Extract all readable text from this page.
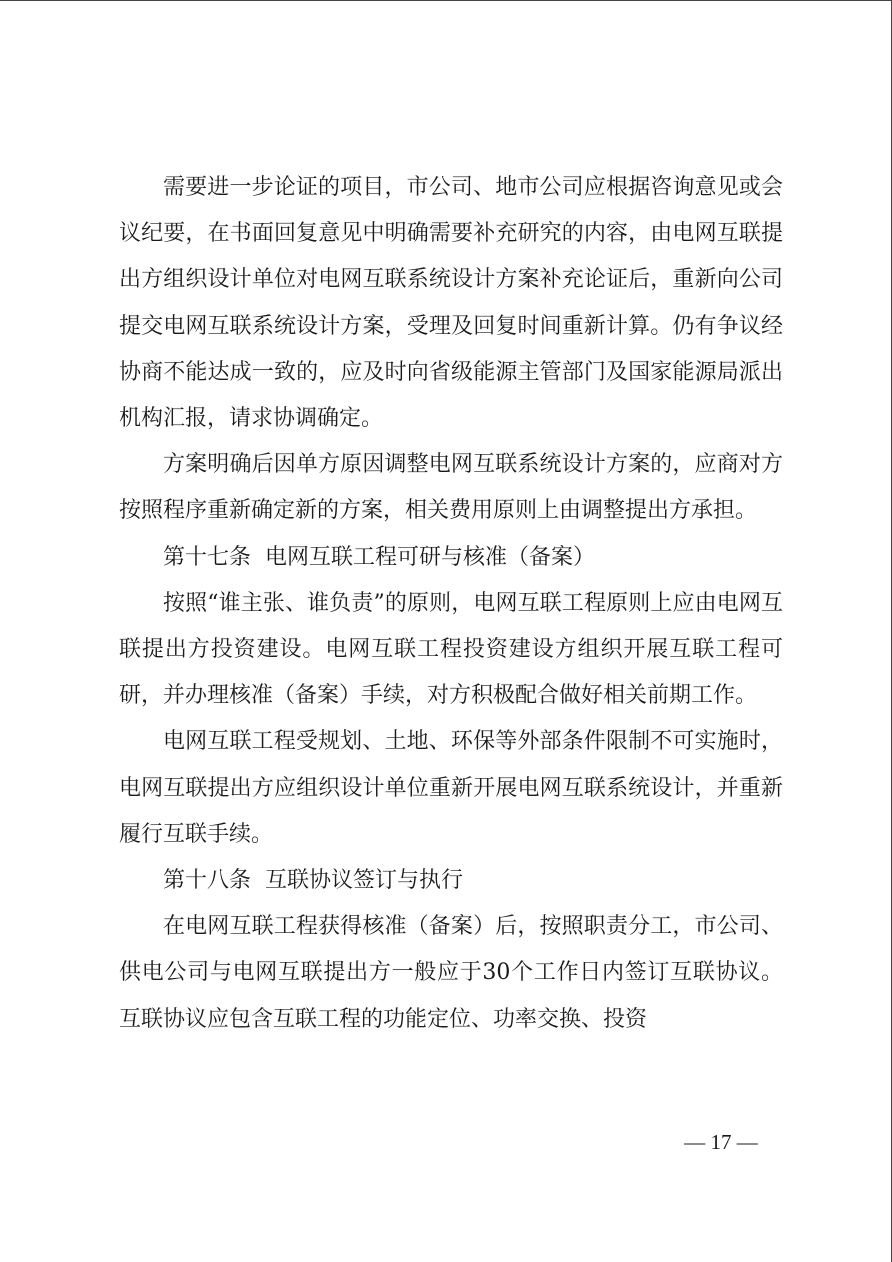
需要进一步论证的项目，市公司、地市公司应根据咨询意见或会议纪要，在书面回复意见中明确需要补充研究的内容，由电网互联提出方组织设计单位对电网互联系统设计方案补充论证后，重新向公司提交电网互联系统设计方案，受理及回复时间重新计算。仍有争议经协商不能达成一致的，应及时向省级能源主管部门及国家能源局派出机构汇报，请求协调确定。

方案明确后因单方原因调整电网互联系统设计方案的，应商对方按照程序重新确定新的方案，相关费用原则上由调整提出方承担。

第十七条  电网互联工程可研与核准（备案）

按照“谁主张、谁负责”的原则，电网互联工程原则上应由电网互联提出方投资建设。电网互联工程投资建设方组织开展互联工程可研，并办理核准（备案）手续，对方积极配合做好相关前期工作。

电网互联工程受规划、土地、环保等外部条件限制不可实施时，电网互联提出方应组织设计单位重新开展电网互联系统设计，并重新履行互联手续。

第十八条  互联协议签订与执行

在电网互联工程获得核准（备案）后，按照职责分工，市公司、供电公司与电网互联提出方一般应于30个工作日内签订互联协议。互联协议应包含互联工程的功能定位、功率交换、投资

— 17 —
